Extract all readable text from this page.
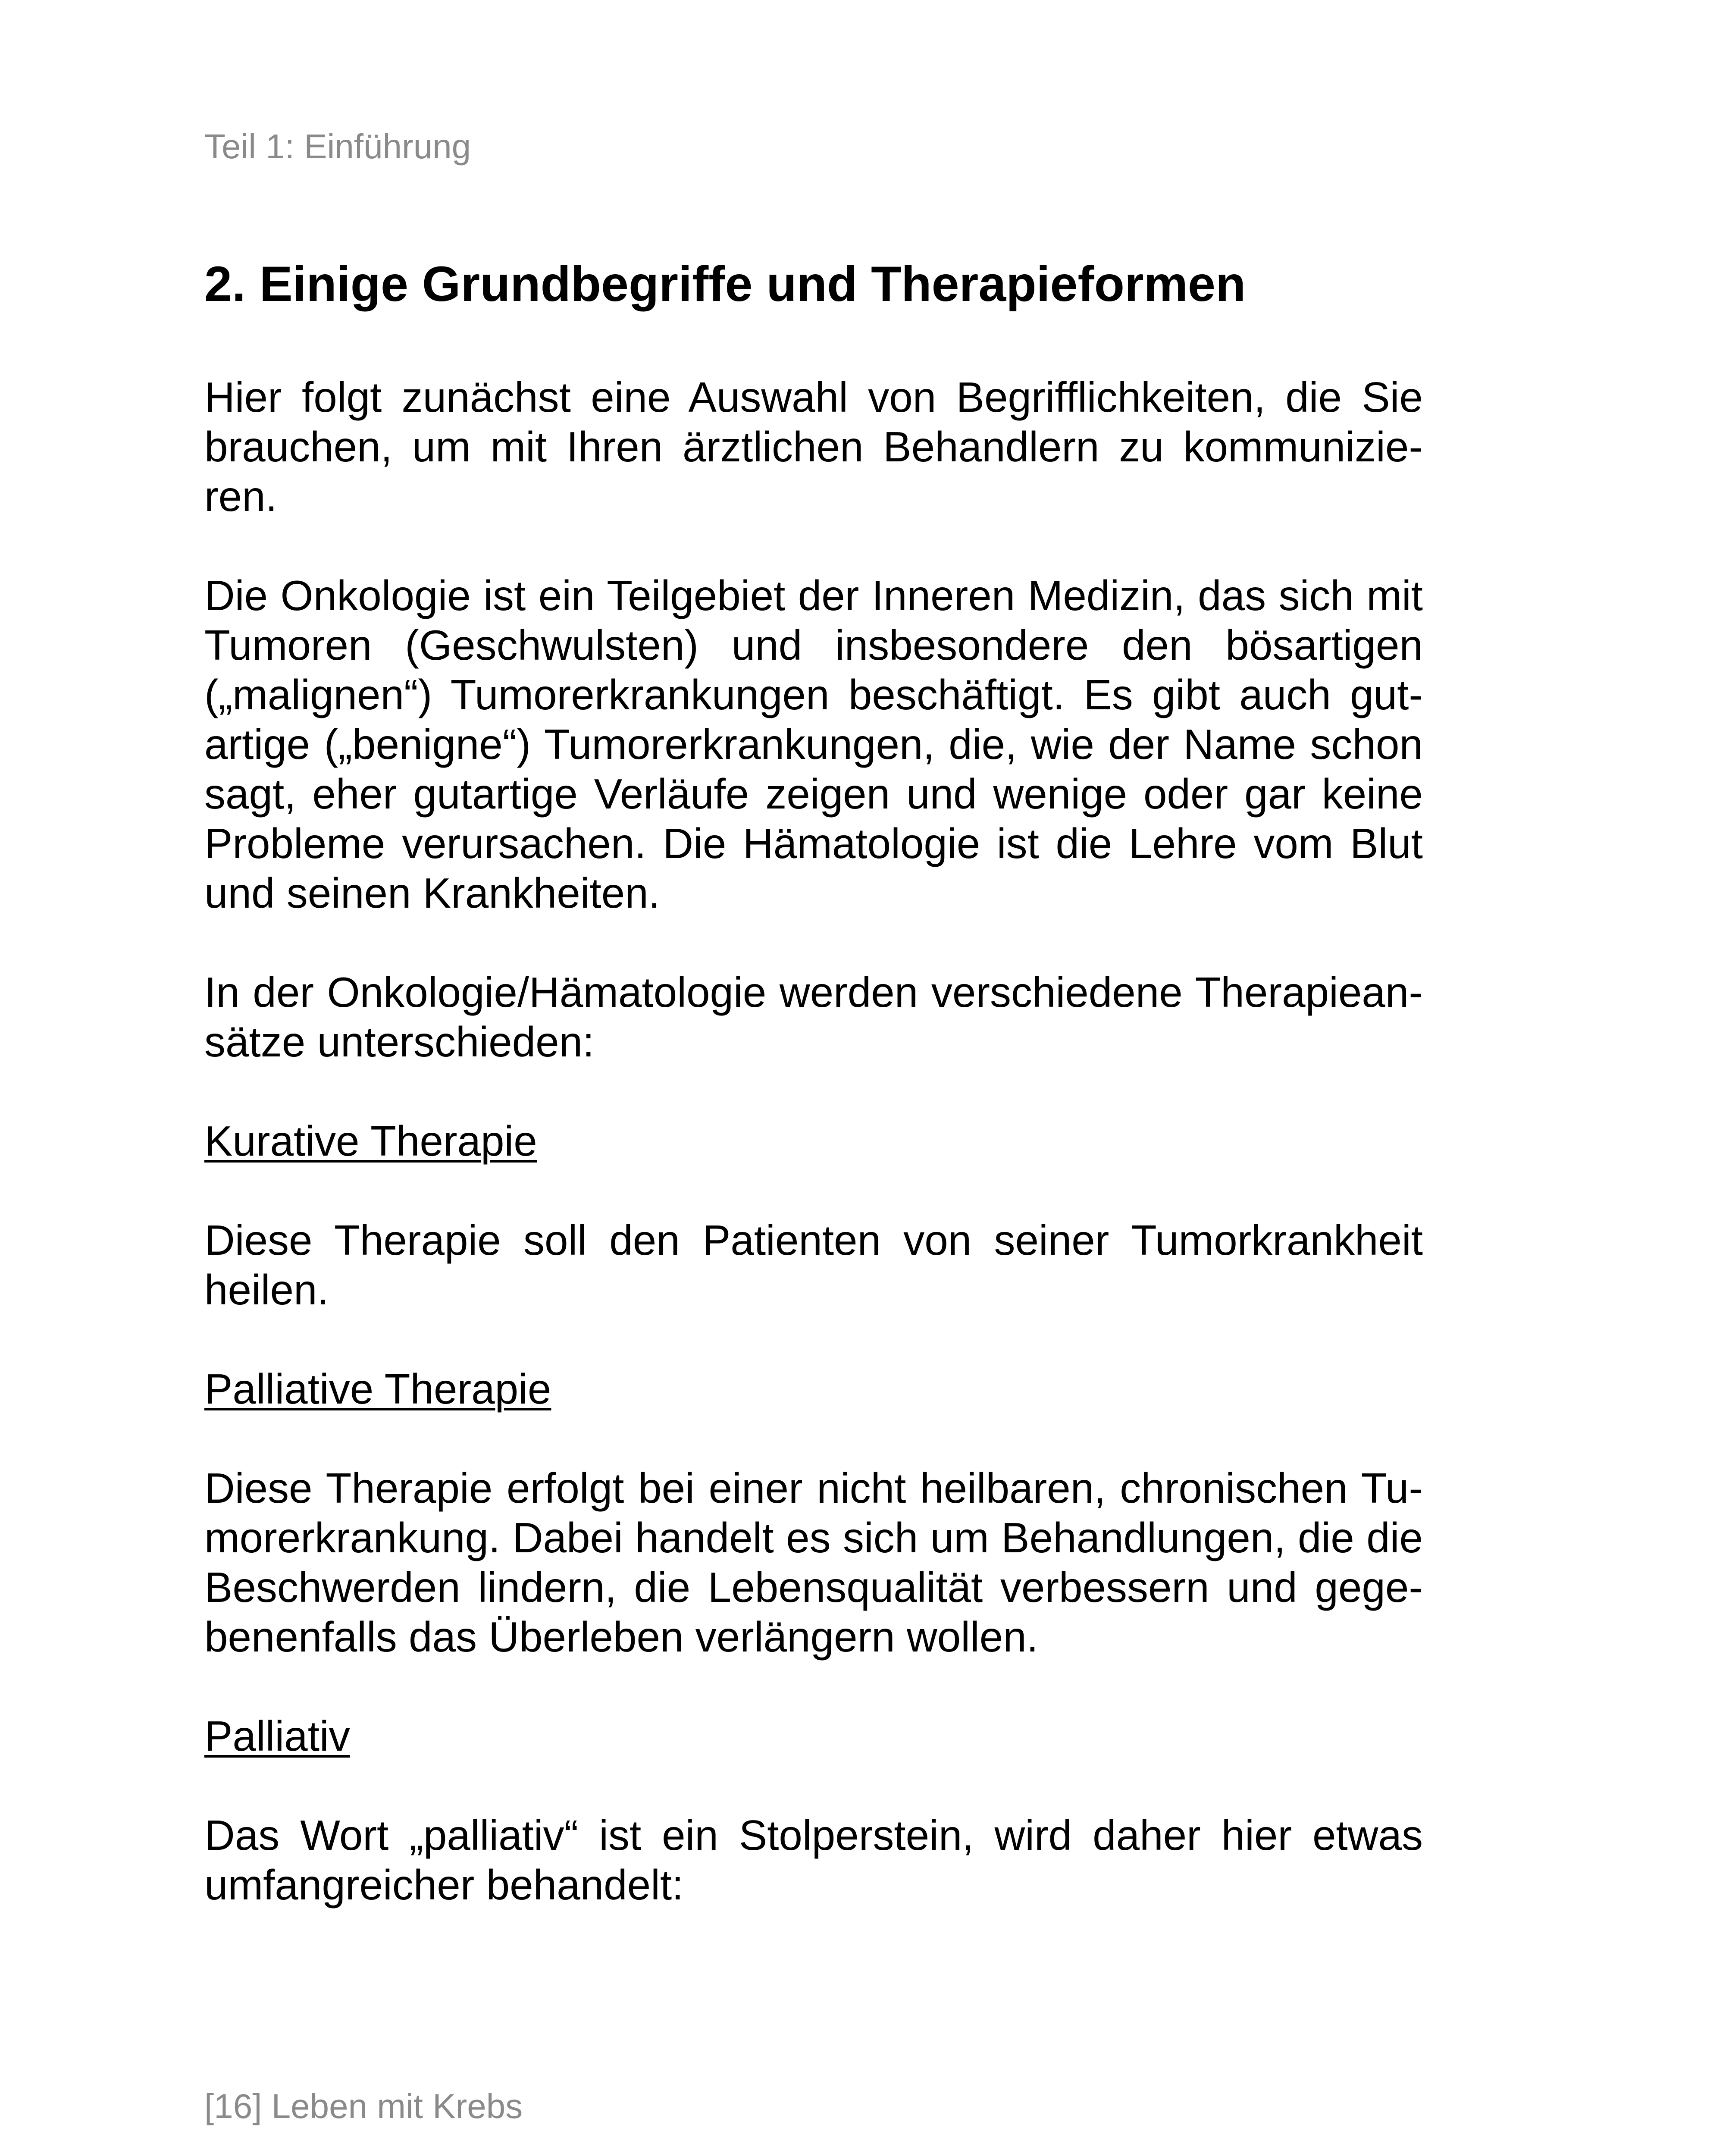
Teil 1: Einführung
2. Einige Grundbegriffe und Therapieformen

Hier folgt zunächst eine Auswahl von Begrifflichkeiten, die Sie brauchen, um mit Ihren ärztlichen Behandlern zu kommunizieren.

Die Onkologie ist ein Teilgebiet der Inneren Medizin, das sich mit Tumoren (Geschwulsten) und insbesondere den bösartigen („malignen“) Tumorerkrankungen beschäftigt. Es gibt auch gutartige („benigne“) Tumorerkrankungen, die, wie der Name schon sagt, eher gutartige Verläufe zeigen und wenige oder gar keine Probleme verursachen. Die Hämatologie ist die Lehre vom Blut und seinen Krankheiten.

In der Onkologie/Hämatologie werden verschiedene Therapieansätze unterschieden:

Kurative Therapie

Diese Therapie soll den Patienten von seiner Tumorkrankheit heilen.

Palliative Therapie

Diese Therapie erfolgt bei einer nicht heilbaren, chronischen Tumorerkrankung. Dabei handelt es sich um Behandlungen, die die Beschwerden lindern, die Lebensqualität verbessern und gegebenenfalls das Überleben verlängern wollen.

Palliativ

Das Wort „palliativ“ ist ein Stolperstein, wird daher hier etwas umfangreicher behandelt:

[16] Leben mit Krebs
